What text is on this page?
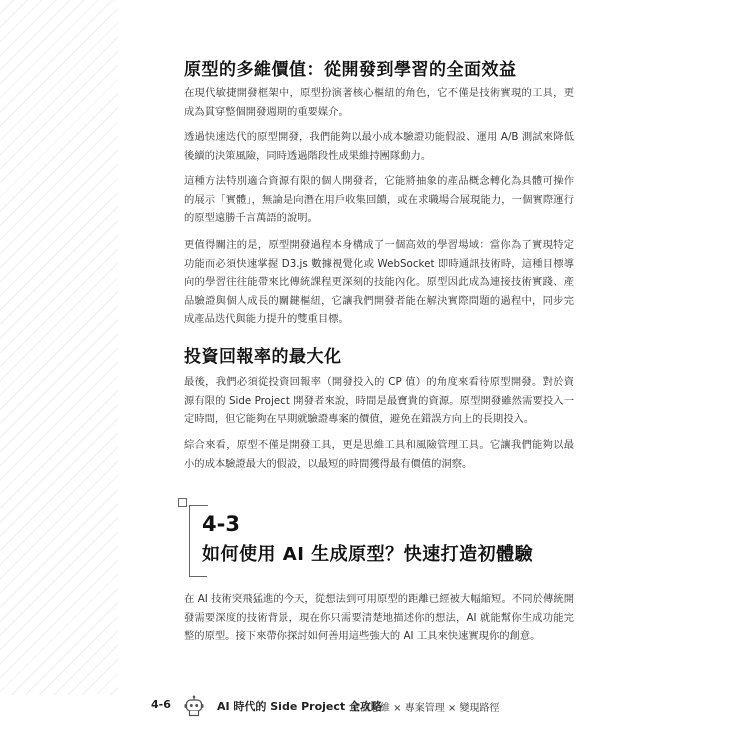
原型的多維價值：從開發到學習的全面效益

在現代敏捷開發框架中，原型扮演著核心樞紐的角色，它不僅是技術實現的工具，更成為貫穿整個開發週期的重要媒介。

透過快速迭代的原型開發，我們能夠以最小成本驗證功能假設、運用 A/B 測試來降低後續的決策風險，同時透過階段性成果維持團隊動力。

這種方法特別適合資源有限的個人開發者，它能將抽象的產品概念轉化為具體可操作的展示「實體」，無論是向潛在用戶收集回饋，或在求職場合展現能力，一個實際運行的原型遠勝千言萬語的說明。

更值得關注的是，原型開發過程本身構成了一個高效的學習場域：當你為了實現特定功能而必須快速掌握 D3.js 數據視覺化或 WebSocket 即時通訊技術時，這種目標導向的學習往往能帶來比傳統課程更深刻的技能內化。原型因此成為連接技術實踐、產品驗證與個人成長的關鍵樞紐，它讓我們開發者能在解決實際問題的過程中，同步完成產品迭代與能力提升的雙重目標。

投資回報率的最大化

最後，我們必須從投資回報率（開發投入的 CP 值）的角度來看待原型開發。對於資源有限的 Side Project 開發者來說，時間是最寶貴的資源。原型開發雖然需要投入一定時間，但它能夠在早期就驗證專案的價值，避免在錯誤方向上的長期投入。

綜合來看，原型不僅是開發工具，更是思維工具和風險管理工具。它讓我們能夠以最小的成本驗證最大的假設，以最短的時間獲得最有價值的洞察。

在 AI 技術突飛猛進的今天，從想法到可用原型的距離已經被大幅縮短。不同於傳統開發需要深度的技術背景，現在你只需要清楚地描述你的想法，AI 就能幫你生成功能完整的原型。接下來帶你探討如何善用這些強大的 AI 工具來快速實現你的創意。

4-3
如何使用 AI 生成原型？快速打造初體驗
4-6	AI 時代的 Side Project 全攻略
產品思維 × 專案管理 × 變現路徑
